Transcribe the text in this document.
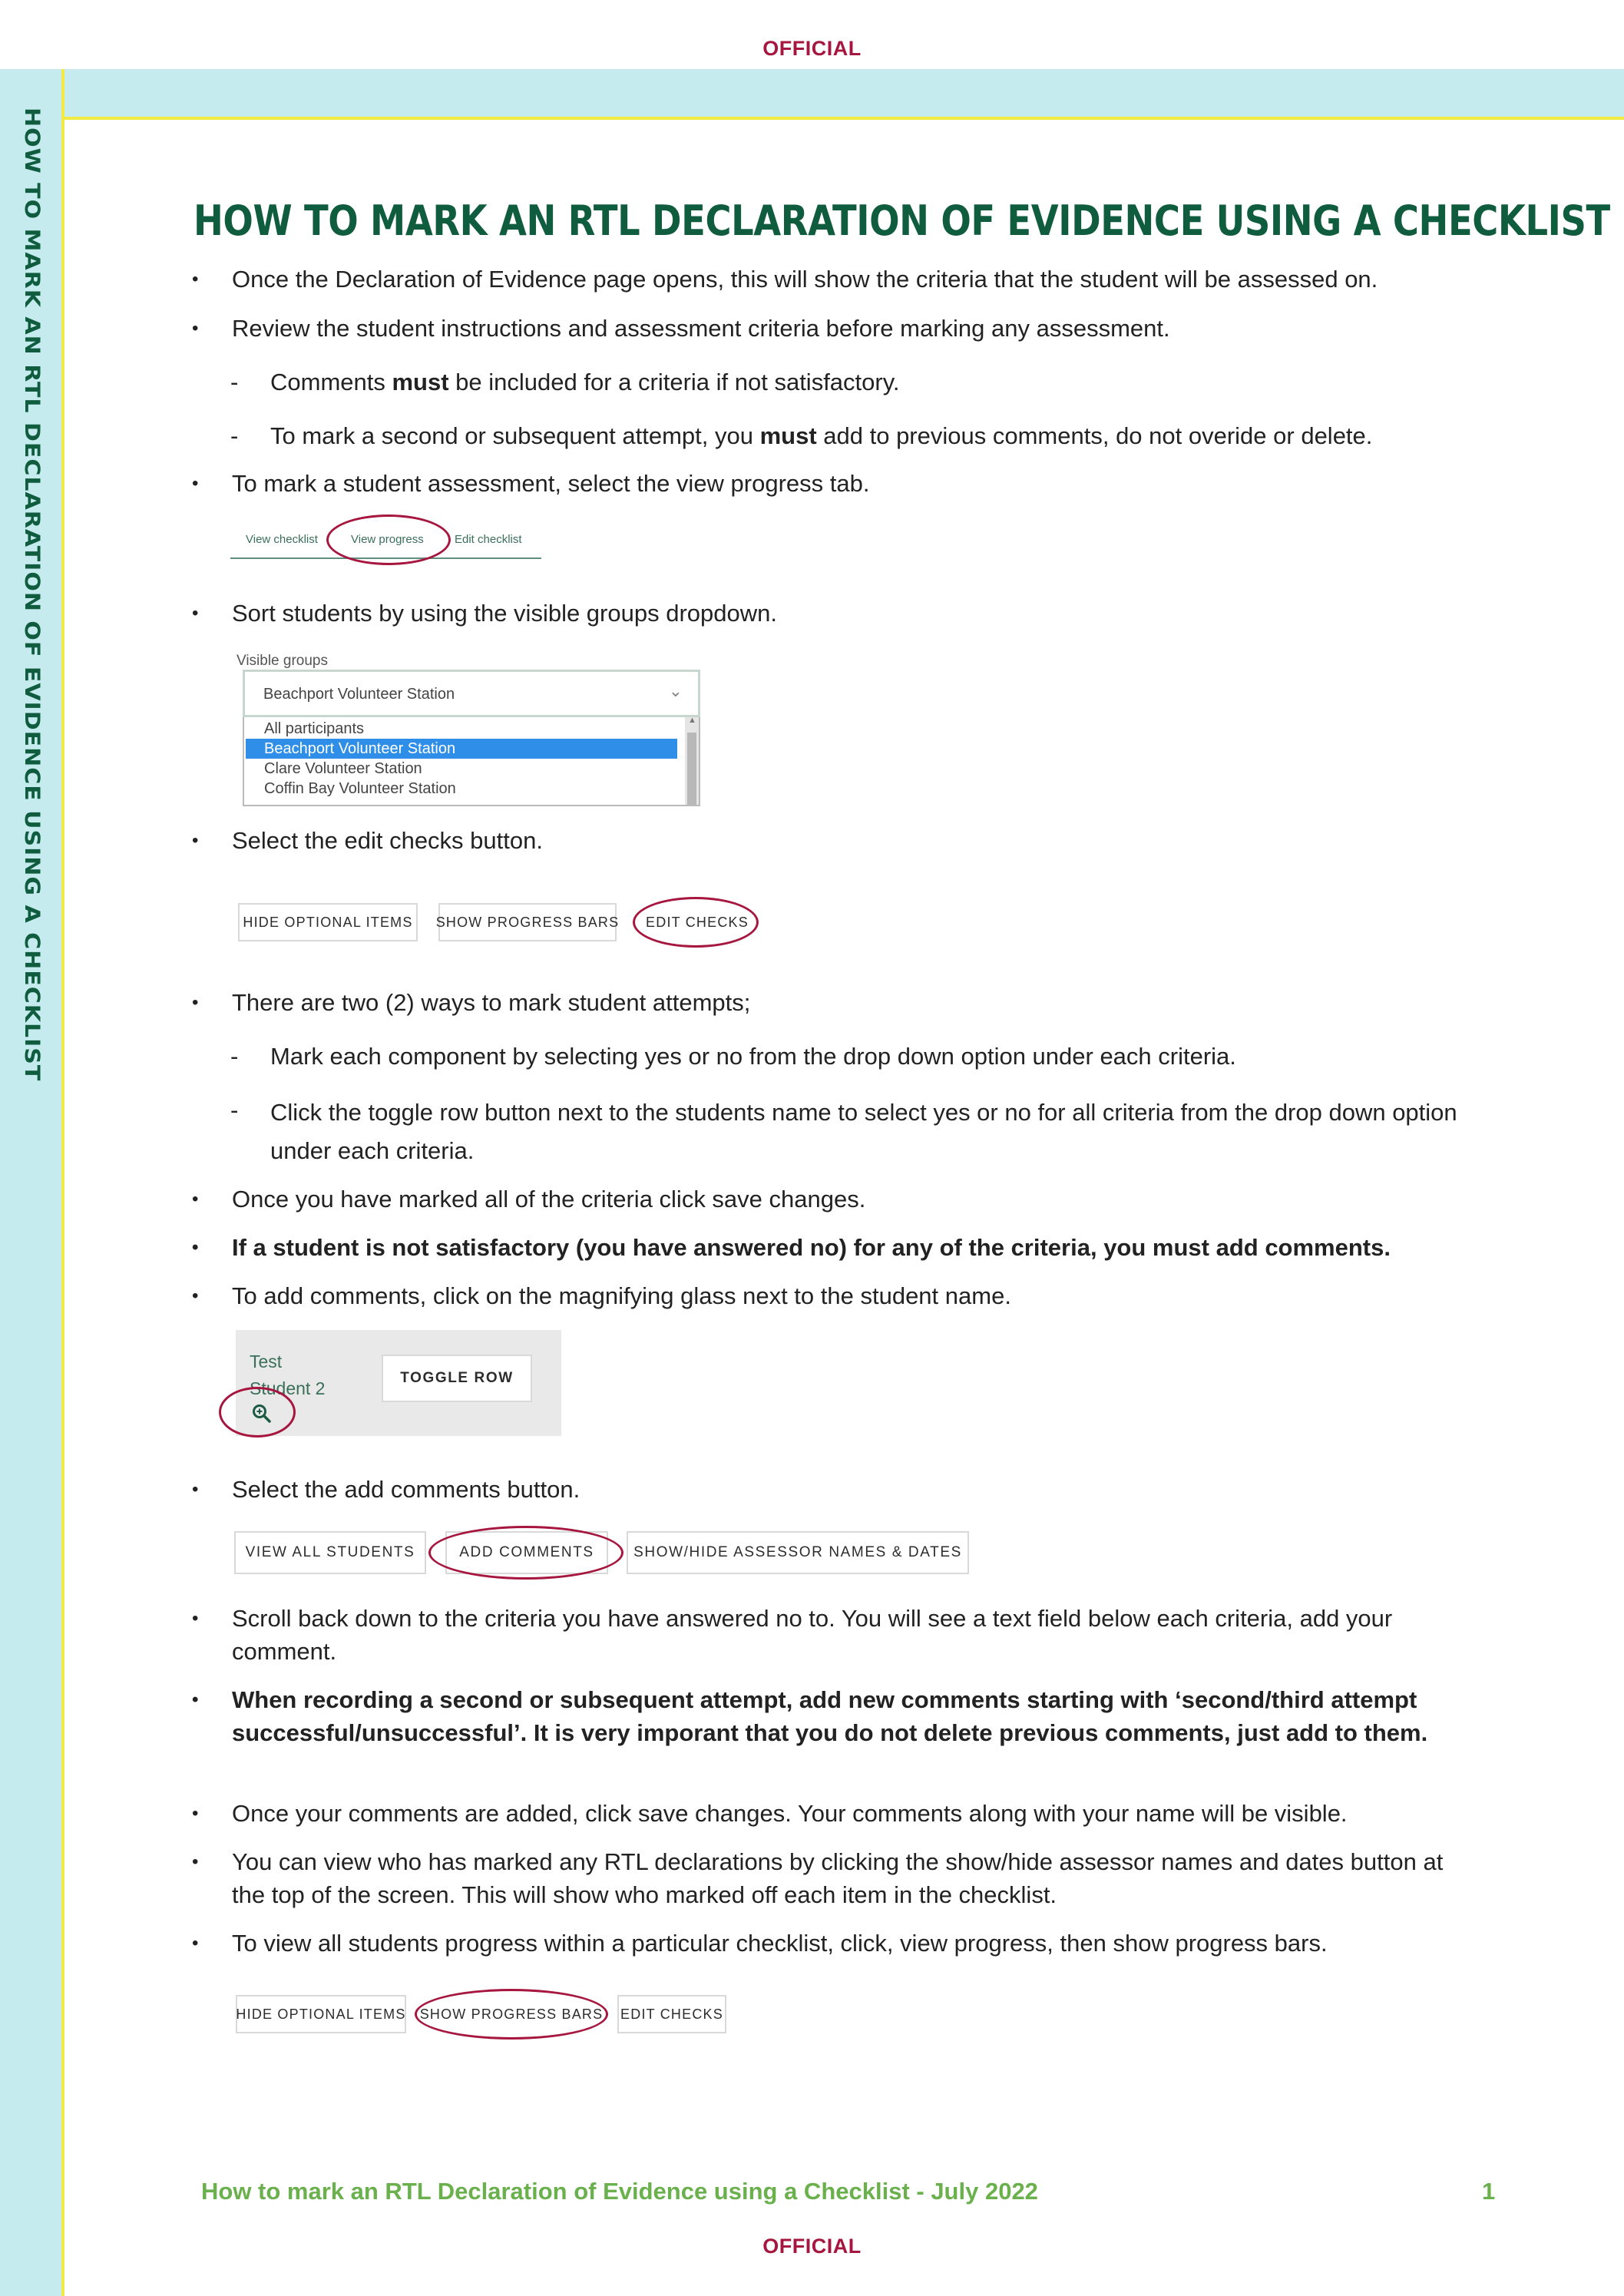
OFFICIAL
HOW TO MARK AN RTL DECLARATION OF EVIDENCE USING A CHECKLIST	HOW TO MARK AN RTL DECLARATION OF EVIDENCE USING A CHECKLIST
• Once the Declaration of Evidence page opens, this will show the criteria that the student will be assessed on.
• Review the student instructions and assessment criteria before marking any assessment.
- Comments must be included for a criteria if not satisfactory.
- To mark a second or subsequent attempt, you must add to previous comments, do not overide or delete.
• To mark a student assessment, select the view progress tab.
View checklist	View progress	Edit checklist
• Sort students by using the visible groups dropdown.
Visible groups
Beachport Volunteer Station	⌄
All participants
Beachport Volunteer Station
Clare Volunteer Station
Coffin Bay Volunteer Station
▲
• Select the edit checks button.
HIDE OPTIONAL ITEMS	SHOW PROGRESS BARS EDIT CHECKS
• There are two (2) ways to mark student attempts;
- Mark each component by selecting yes or no from the drop down option under each criteria.
- Click the toggle row button next to the students name to select yes or no for all criteria from the drop down option under each criteria.
• Once you have marked all of the criteria click save changes.
• If a student is not satisfactory (you have answered no) for any of the criteria, you must add comments.
• To add comments, click on the magnifying glass next to the student name.
Test Student 2
TOGGLE ROW
• Select the add comments button.
VIEW ALL STUDENTS	ADD COMMENTS	SHOW/HIDE ASSESSOR NAMES & DATES
• Scroll back down to the criteria you have answered no to. You will see a text field below each criteria, add your comment.
• When recording a second or subsequent attempt, add new comments starting with ‘second/third attempt successful/unsuccessful’. It is very imporant that you do not delete previous comments, just add to them.
• Once your comments are added, click save changes. Your comments along with your name will be visible.
• You can view who has marked any RTL declarations by clicking the show/hide assessor names and dates button at the top of the screen. This will show who marked off each item in the checklist.
• To view all students progress within a particular checklist, click, view progress, then show progress bars.
HIDE OPTIONAL ITEMS SHOW PROGRESS BARS EDIT CHECKS
How to mark an RTL Declaration of Evidence using a Checklist - July 2022	1
OFFICIAL
